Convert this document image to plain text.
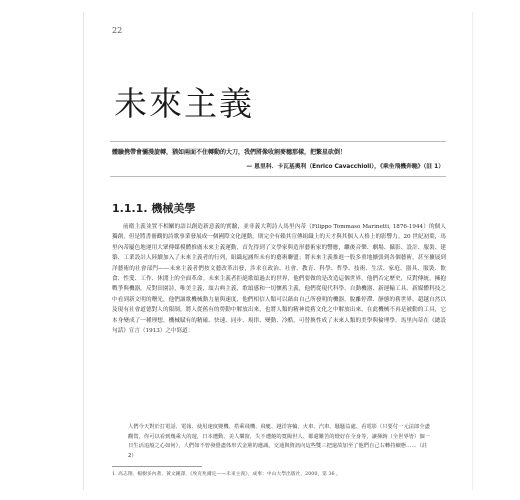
22
未來主義
體驗携帶會彌漫旋轉，猶如兩面不住轉動的大刀，我們將像收割麥穗那樣，把繁星砍倒！
— 恩里科．卡瓦基奧利（Enrico Cavacchioli），《乘坐飛機奔馳》（註 1）
1.1.1. 機械美學

前衛主義並置不相關的語以創造新意義的實驗，並非義大利詩人馬里內蒂（Filippo Tommaso Marinetti, 1876-1944）的個人獨創，但是將書冊觀的詩歌事業發展成一個國際文化運動，則完全有賴其宣傳組織上的天才與其個人人格上的影響力。20 世紀初葉，馬里內蒂屢色地運用大眾傳媒模體推廣未來主義運動，首先得到了文學家與造形藝術家的響應，繼後音樂、劇場、攝影、設計、服裝、建築、工業設計人陸續加入了未來主義者的行列，組織起涵所未有的藝術聯盟；將未來主義推進一股多重地擴張到各個藝術，甚至擴展到洋藝術的社會部門——未來主義者們按文藝改革出發，涉求在政治、社會、教育、科學、哲學、技術、生活、家庭、器具、服裝、飲食、性愛、工作、休閒上的全面革命。未來主義者拒絕歌頌過去的世界，他們要做的是改造這個世界，他們否定歷史，反對傳統，擁抱戰爭與機器。反對田園詩，唯美主義，頌古典主義，歌頌感和一切懷舊主義，他們從現代科學、自動機器、新運輸工具、新媒體科技之中看到新文明的曙光，他們謳歌機械動力量與速度，他們相信人類可以藉由自己所發明的機器，脫離停滯、靜態的舊世界，超越自然以及現有社會道德對人的限制，將人從舊有的勞動中解放出來，也將人類的精神從舊文化之中解放出來，在此機械不再是被動的工具，它本身變成了一種理想，機械賦有的精確、快速、同步、規律、變動、冷酷，可替換性成了未來人類的美學與倫理學。馬里內蒂在《總設句話》宣言（1913）之中寫道：

人們今天對於打電話、電報、使用速度變機、搭乘飛機、飛艇、越洋客輪、火車、汽車、騷騷益處、看電影（只要付一元法郎全盡觀賞，你可以看到幾乘大的遊，日本遭動、美人樂窗，失不遭燒的寬陽世人、都還難苦的燈好在全身等，讓揮鉤（全世界皆）個一日生活追般之心如何），人們如不曾發覺盡体形式金黨的遺誠，交通與資訊向這些雙三把還故加至了他們自己右轉持續態……（註 2）
1. 高志翔、楊樹多內著、黃文鍾譯，《埃克兆爾定——未來主義》，成事：中山大學出版社，2000，第 36 。
